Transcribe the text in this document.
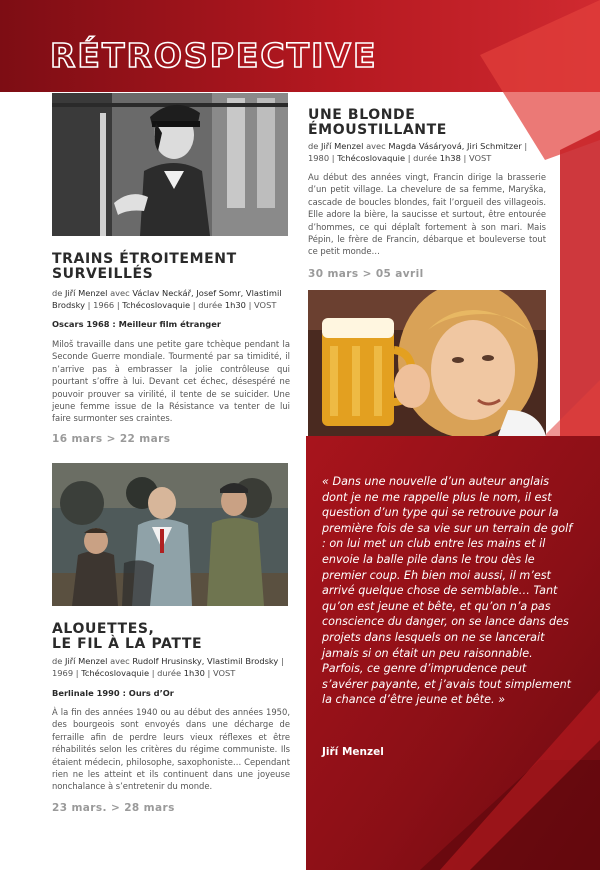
RÉTROSPECTIVE
TRAINS ÉTROITEMENT
SURVEILLÉS
de Jiří Menzel avec Václav Neckář, Josef Somr, Vlastimil Brodsky | 1966 | Tchécoslovaquie | durée 1h30 | VOST
Oscars 1968 : Meilleur film étranger
Miloš travaille dans une petite gare tchèque pendant la Seconde Guerre mondiale. Tourmenté par sa timidité, il n’arrive pas à embrasser la jolie contrôleuse qui pourtant s’offre à lui. Devant cet échec, désespéré ne pouvoir prouver sa virilité, il tente de se suicider. Une jeune femme issue de la Résistance va tenter de lui faire surmonter ses craintes.
16 mars > 22 mars
ALOUETTES,
LE FIL À LA PATTE
de Jiří Menzel avec Rudolf Hrusinsky, Vlastimil Brodsky | 1969 | Tchécoslovaquie | durée 1h30 | VOST
Berlinale 1990 : Ours d’Or
À la fin des années 1940 ou au début des années 1950, des bourgeois sont envoyés dans une décharge de ferraille afin de perdre leurs vieux réflexes et être réhabilités selon les critères du régime communiste. Ils étaient médecin, philosophe, saxophoniste… Cependant rien ne les atteint et ils continuent dans une joyeuse nonchalance à s’entretenir du monde.
23 mars. > 28 mars
UNE BLONDE
ÉMOUSTILLANTE
de Jiří Menzel avec Magda Vásáryová, Jiri Schmitzer | 1980 | Tchécoslovaquie | durée 1h38 | VOST
Au début des années vingt, Francin dirige la brasserie d’un petit village. La chevelure de sa femme, Maryška, cascade de boucles blondes, fait l’orgueil des villageois. Elle adore la bière, la saucisse et surtout, être entourée d’hommes, ce qui déplaît fortement à son mari. Mais Pépin, le frère de Francin, débarque et bouleverse tout ce petit monde…
30 mars > 05 avril
« Dans une nouvelle d’un auteur anglais dont je ne me rappelle plus le nom, il est question d’un type qui se retrouve pour la première fois de sa vie sur un terrain de golf : on lui met un club entre les mains et il envoie la balle pile dans le trou dès le premier coup. Eh bien moi aussi, il m’est arrivé quelque chose de semblable… Tant qu’on est jeune et bête, et qu’on n’a pas conscience du danger, on se lance dans des projets dans lesquels on ne se lancerait jamais si on était un peu raisonnable. Parfois, ce genre d’imprudence peut s’avérer payante, et j’avais tout simplement la chance d’être jeune et bête. »
Jiří Menzel
